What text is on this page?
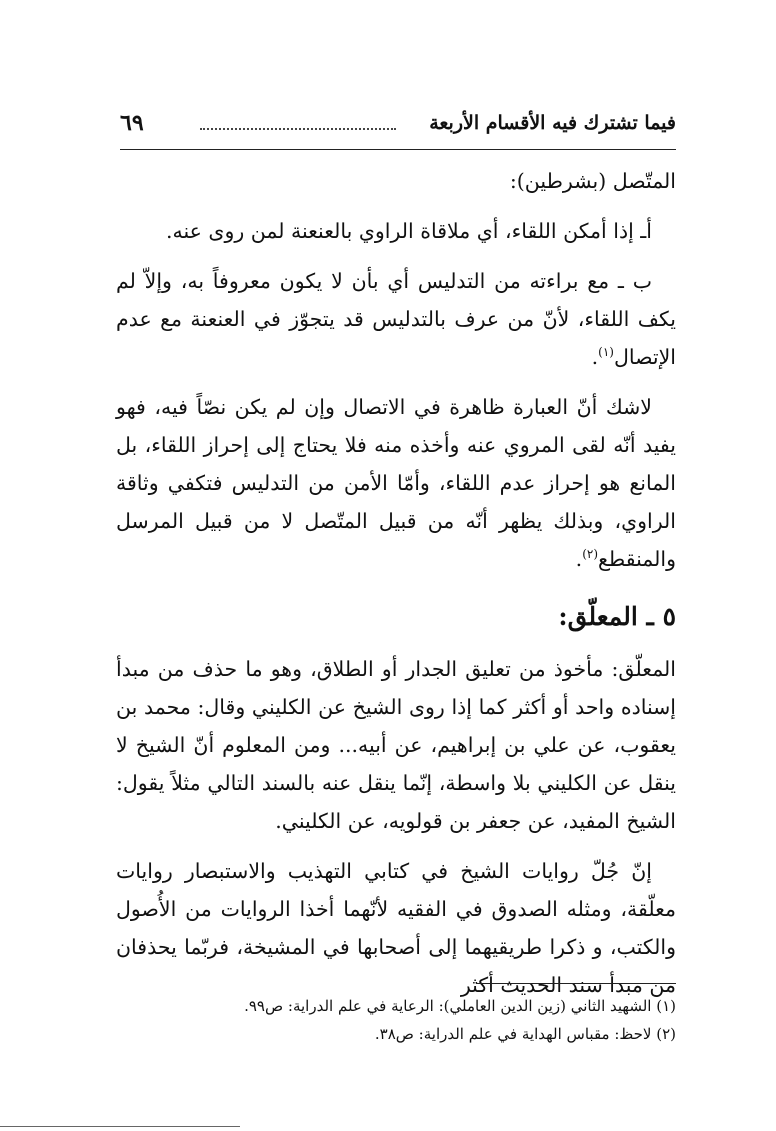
فيما تشترك فيه الأقسام الأربعة
٦٩

المتّصل (بشرطين):

أـ إذا أمكن اللقاء، أي ملاقاة الراوي بالعنعنة لمن روى عنه.

ب ـ مع براءته من التدليس أي بأن لا يكون معروفاً به، وإلاّ لم يكف اللقاء، لأنّ من عرف بالتدليس قد يتجوّز في العنعنة مع عدم الإتصال$^{(١)}$.

لاشك أنّ العبارة ظاهرة في الاتصال وإن لم يكن نصّاً فيه، فهو يفيد أنّه لقى المروي عنه وأخذه منه فلا يحتاج إلى إحراز اللقاء، بل المانع هو إحراز عدم اللقاء، وأمّا الأمن من التدليس فتكفي وثاقة الراوي، وبذلك يظهر أنّه من قبيل المتّصل لا من قبيل المرسل والمنقطع$^{(٢)}$.

٥ ـ المعلّق:

المعلّق: مأخوذ من تعليق الجدار أو الطلاق، وهو ما حذف من مبدأ إسناده واحد أو أكثر كما إذا روى الشيخ عن الكليني وقال: محمد بن يعقوب، عن علي بن إبراهيم، عن أبيه... ومن المعلوم أنّ الشيخ لا ينقل عن الكليني بلا واسطة، إنّما ينقل عنه بالسند التالي مثلاً يقول: الشيخ المفيد، عن جعفر بن قولويه، عن الكليني.

إنّ جُلّ روايات الشيخ في كتابي التهذيب والاستبصار روايات معلّقة، ومثله الصدوق في الفقيه لأنّهما أخذا الروايات من الأُصول والكتب، و ذكرا طريقيهما إلى أصحابها في المشيخة، فربّما يحذفان من مبدأ سند الحديث أكثر

(١) الشهيد الثاني (زين الدين العاملي): الرعاية في علم الدراية: ص٩٩.
(٢) لاحظ: مقباس الهداية في علم الدراية: ص٣٨.
